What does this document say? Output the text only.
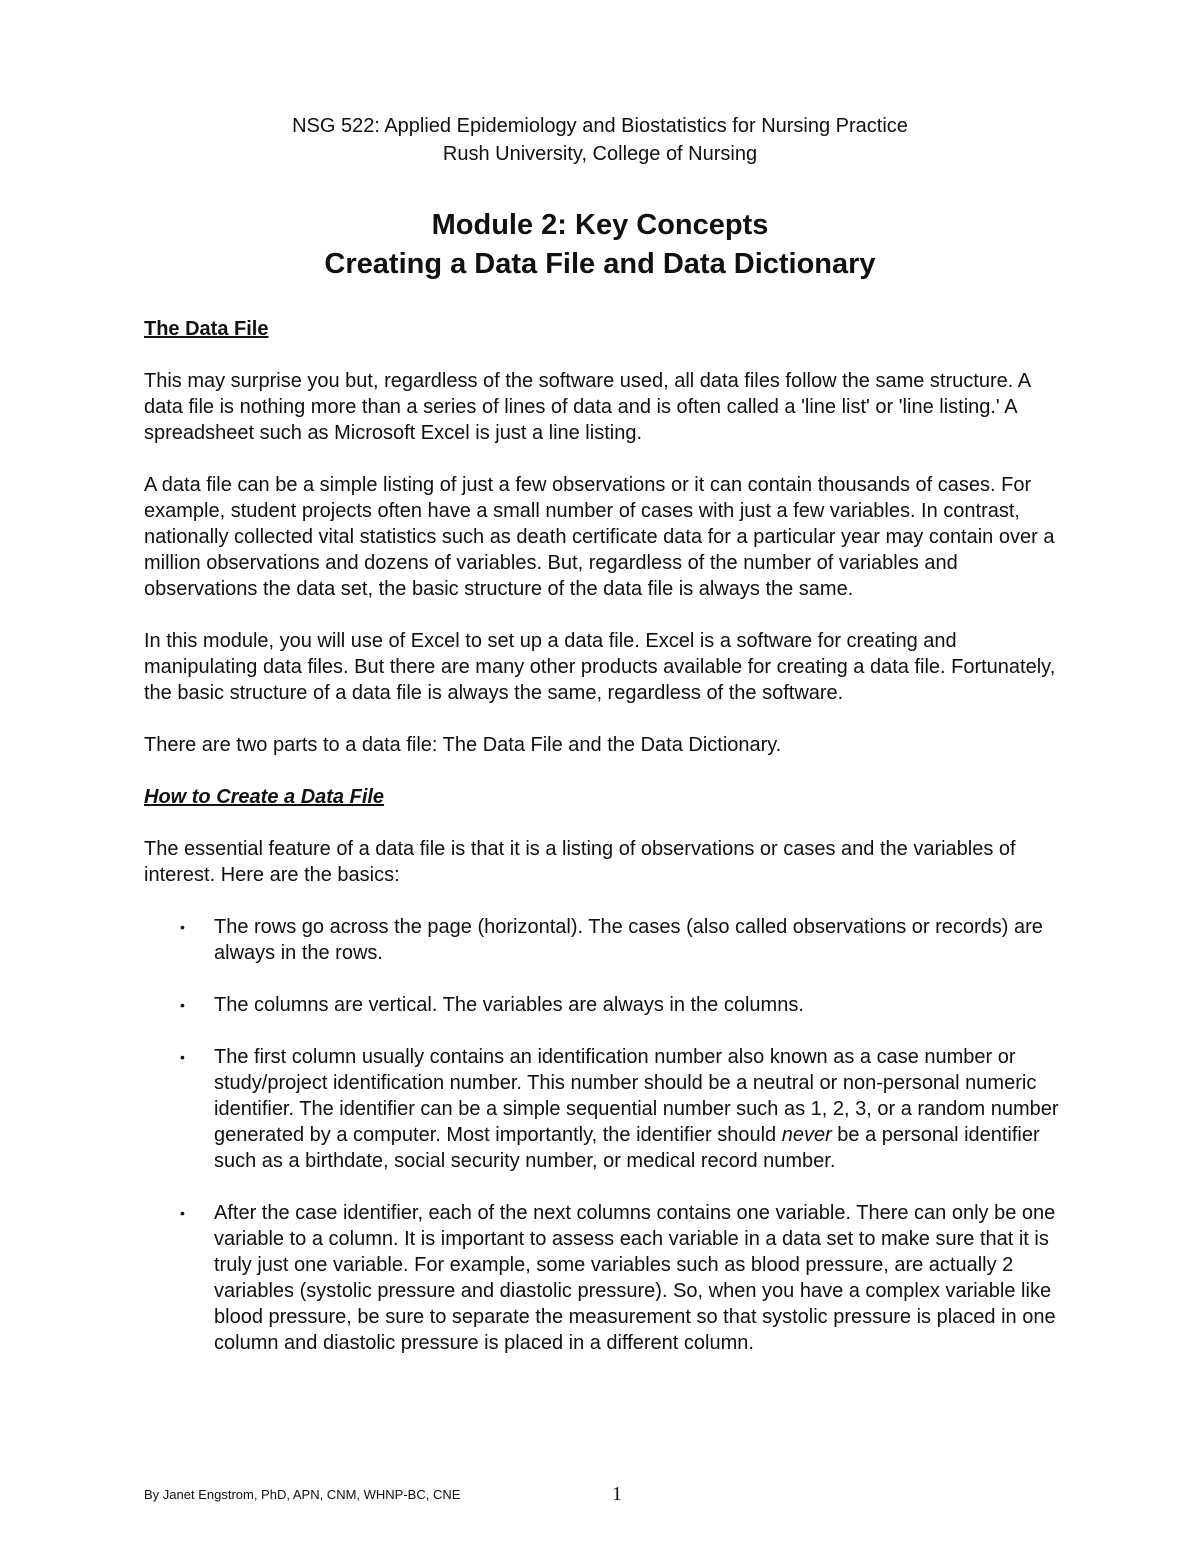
NSG 522: Applied Epidemiology and Biostatistics for Nursing Practice
Rush University, College of Nursing
Module 2: Key Concepts
Creating a Data File and Data Dictionary
The Data File

This may surprise you but, regardless of the software used, all data files follow the same structure. A data file is nothing more than a series of lines of data and is often called a 'line list' or 'line listing.' A spreadsheet such as Microsoft Excel is just a line listing.

A data file can be a simple listing of just a few observations or it can contain thousands of cases. For example, student projects often have a small number of cases with just a few variables. In contrast, nationally collected vital statistics such as death certificate data for a particular year may contain over a million observations and dozens of variables. But, regardless of the number of variables and observations the data set, the basic structure of the data file is always the same.

In this module, you will use of Excel to set up a data file. Excel is a software for creating and manipulating data files. But there are many other products available for creating a data file. Fortunately, the basic structure of a data file is always the same, regardless of the software.

There are two parts to a data file: The Data File and the Data Dictionary.

How to Create a Data File

The essential feature of a data file is that it is a listing of observations or cases and the variables of interest. Here are the basics:

• The rows go across the page (horizontal). The cases (also called observations or records) are always in the rows.
• The columns are vertical. The variables are always in the columns.
• The first column usually contains an identification number also known as a case number or study/project identification number. This number should be a neutral or non-personal numeric identifier. The identifier can be a simple sequential number such as 1, 2, 3, or a random number generated by a computer. Most importantly, the identifier should never be a personal identifier such as a birthdate, social security number, or medical record number.
• After the case identifier, each of the next columns contains one variable. There can only be one variable to a column. It is important to assess each variable in a data set to make sure that it is truly just one variable. For example, some variables such as blood pressure, are actually 2 variables (systolic pressure and diastolic pressure). So, when you have a complex variable like blood pressure, be sure to separate the measurement so that systolic pressure is placed in one column and diastolic pressure is placed in a different column.
By Janet Engstrom, PhD, APN, CNM, WHNP-BC, CNE	1
